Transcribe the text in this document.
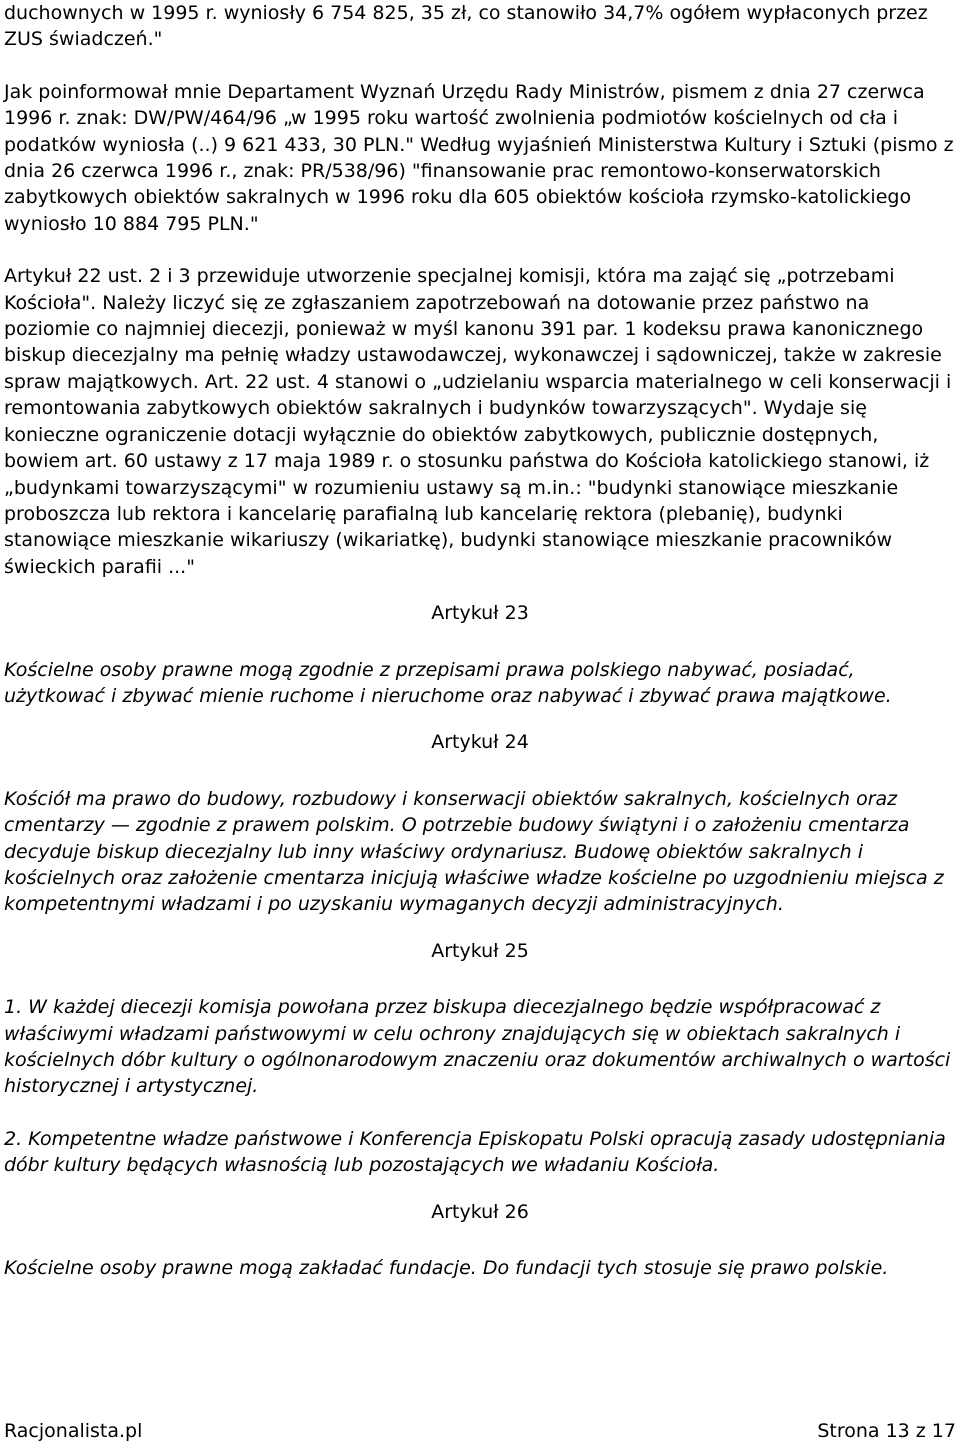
duchownych w 1995 r. wyniosły 6 754 825, 35 zł, co stanowiło 34,7% ogółem wypłaconych przez ZUS świadczeń."

Jak poinformował mnie Departament Wyznań Urzędu Rady Ministrów, pismem z dnia 27 czerwca 1996 r. znak: DW/PW/464/96 „w 1995 roku wartość zwolnienia podmiotów kościelnych od cła i podatków wyniosła (..) 9 621 433, 30 PLN." Według wyjaśnień Ministerstwa Kultury i Sztuki (pismo z dnia 26 czerwca 1996 r., znak: PR/538/96) "finansowanie prac remontowo-konserwatorskich zabytkowych obiektów sakralnych w 1996 roku dla 605 obiektów kościoła rzymsko-katolickiego wyniosło 10 884 795 PLN."

Artykuł 22 ust. 2 i 3 przewiduje utworzenie specjalnej komisji, która ma zająć się „potrzebami Kościoła". Należy liczyć się ze zgłaszaniem zapotrzebowań na dotowanie przez państwo na poziomie co najmniej diecezji, ponieważ w myśl kanonu 391 par. 1 kodeksu prawa kanonicznego biskup diecezjalny ma pełnię władzy ustawodawczej, wykonawczej i sądowniczej, także w zakresie spraw majątkowych. Art. 22 ust. 4 stanowi o „udzielaniu wsparcia materialnego w celi konserwacji i remontowania zabytkowych obiektów sakralnych i budynków towarzyszących". Wydaje się konieczne ograniczenie dotacji wyłącznie do obiektów zabytkowych, publicznie dostępnych, bowiem art. 60 ustawy z 17 maja 1989 r. o stosunku państwa do Kościoła katolickiego stanowi, iż „budynkami towarzyszącymi" w rozumieniu ustawy są m.in.: "budynki stanowiące mieszkanie proboszcza lub rektora i kancelarię parafialną lub kancelarię rektora (plebanię), budynki stanowiące mieszkanie wikariuszy (wikariatkę), budynki stanowiące mieszkanie pracowników świeckich parafii ..."

Artykuł 23

Kościelne osoby prawne mogą zgodnie z przepisami prawa polskiego nabywać, posiadać, użytkować i zbywać mienie ruchome i nieruchome oraz nabywać i zbywać prawa majątkowe.

Artykuł 24

Kościół ma prawo do budowy, rozbudowy i konserwacji obiektów sakralnych, kościelnych oraz cmentarzy — zgodnie z prawem polskim. O potrzebie budowy świątyni i o założeniu cmentarza decyduje biskup diecezjalny lub inny właściwy ordynariusz. Budowę obiektów sakralnych i kościelnych oraz założenie cmentarza inicjują właściwe władze kościelne po uzgodnieniu miejsca z kompetentnymi władzami i po uzyskaniu wymaganych decyzji administracyjnych.

Artykuł 25

1. W każdej diecezji komisja powołana przez biskupa diecezjalnego będzie współpracować z właściwymi władzami państwowymi w celu ochrony znajdujących się w obiektach sakralnych i kościelnych dóbr kultury o ogólnonarodowym znaczeniu oraz dokumentów archiwalnych o wartości historycznej i artystycznej.

2. Kompetentne władze państwowe i Konferencja Episkopatu Polski opracują zasady udostępniania dóbr kultury będących własnością lub pozostających we władaniu Kościoła.

Artykuł 26

Kościelne osoby prawne mogą zakładać fundacje. Do fundacji tych stosuje się prawo polskie.

Racjonalista.pl	Strona 13 z 17
